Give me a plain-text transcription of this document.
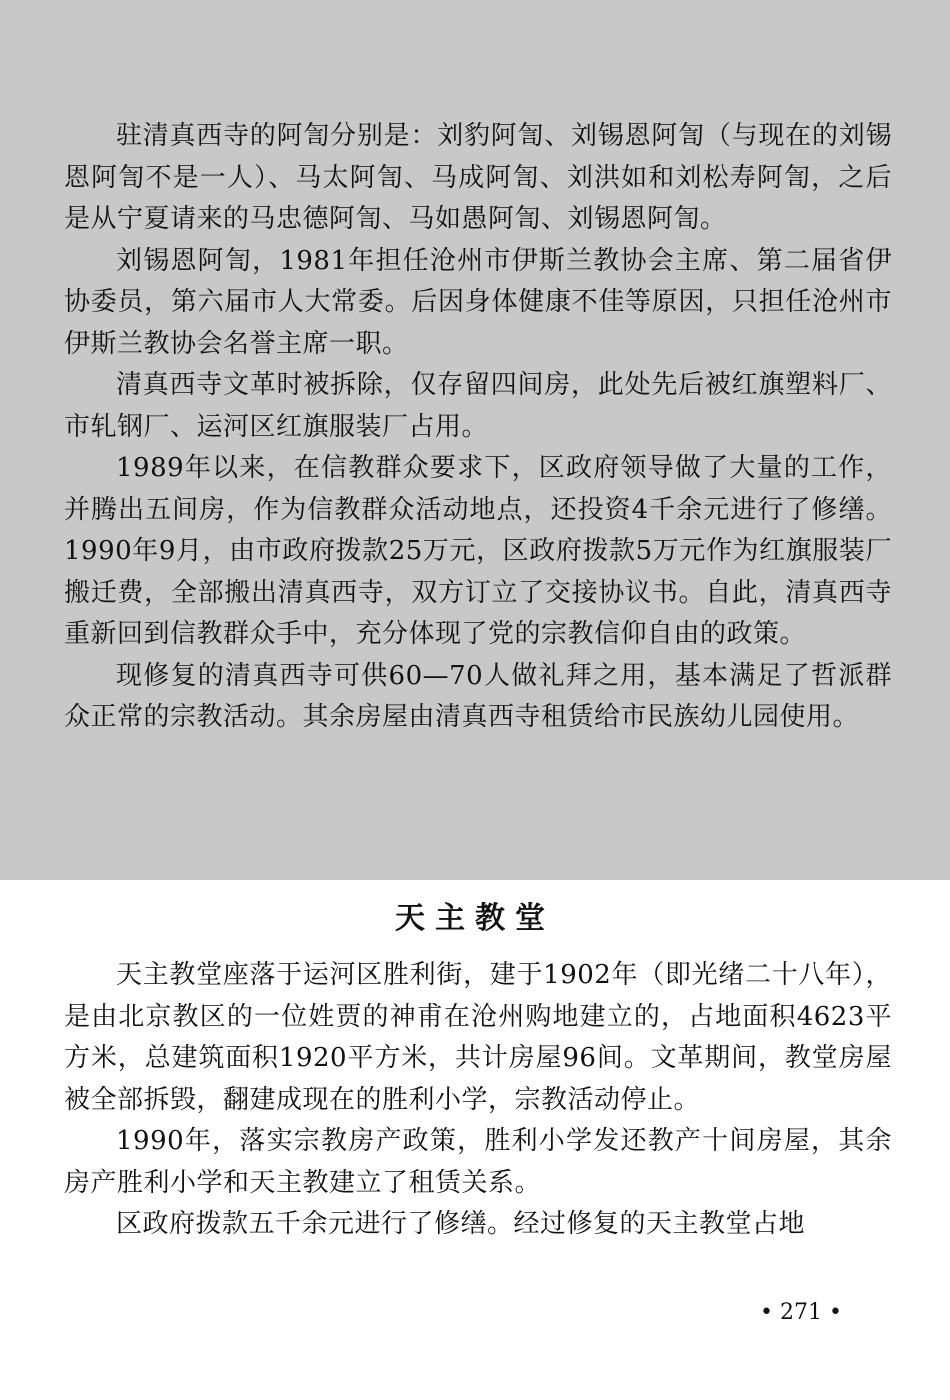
驻清真西寺的阿訇分别是：刘豹阿訇、刘锡恩阿訇（与现在的刘锡恩阿訇不是一人）、马太阿訇、马成阿訇、刘洪如和刘松寿阿訇，之后是从宁夏请来的马忠德阿訇、马如愚阿訇、刘锡恩阿訇。

刘锡恩阿訇，1981年担任沧州市伊斯兰教协会主席、第二届省伊协委员，第六届市人大常委。后因身体健康不佳等原因，只担任沧州市伊斯兰教协会名誉主席一职。

清真西寺文革时被拆除，仅存留四间房，此处先后被红旗塑料厂、市轧钢厂、运河区红旗服装厂占用。

1989年以来，在信教群众要求下，区政府领导做了大量的工作，并腾出五间房，作为信教群众活动地点，还投资4千余元进行了修缮。1990年9月，由市政府拨款25万元，区政府拨款5万元作为红旗服装厂搬迁费，全部搬出清真西寺，双方订立了交接协议书。自此，清真西寺重新回到信教群众手中，充分体现了党的宗教信仰自由的政策。

现修复的清真西寺可供60—70人做礼拜之用，基本满足了哲派群众正常的宗教活动。其余房屋由清真西寺租赁给市民族幼儿园使用。

天主教堂

天主教堂座落于运河区胜利街，建于1902年（即光绪二十八年），是由北京教区的一位姓贾的神甫在沧州购地建立的，占地面积4623平方米，总建筑面积1920平方米，共计房屋96间。文革期间，教堂房屋被全部拆毁，翻建成现在的胜利小学，宗教活动停止。

1990年，落实宗教房产政策，胜利小学发还教产十间房屋，其余房产胜利小学和天主教建立了租赁关系。

区政府拨款五千余元进行了修缮。经过修复的天主教堂占地

• 271 •
